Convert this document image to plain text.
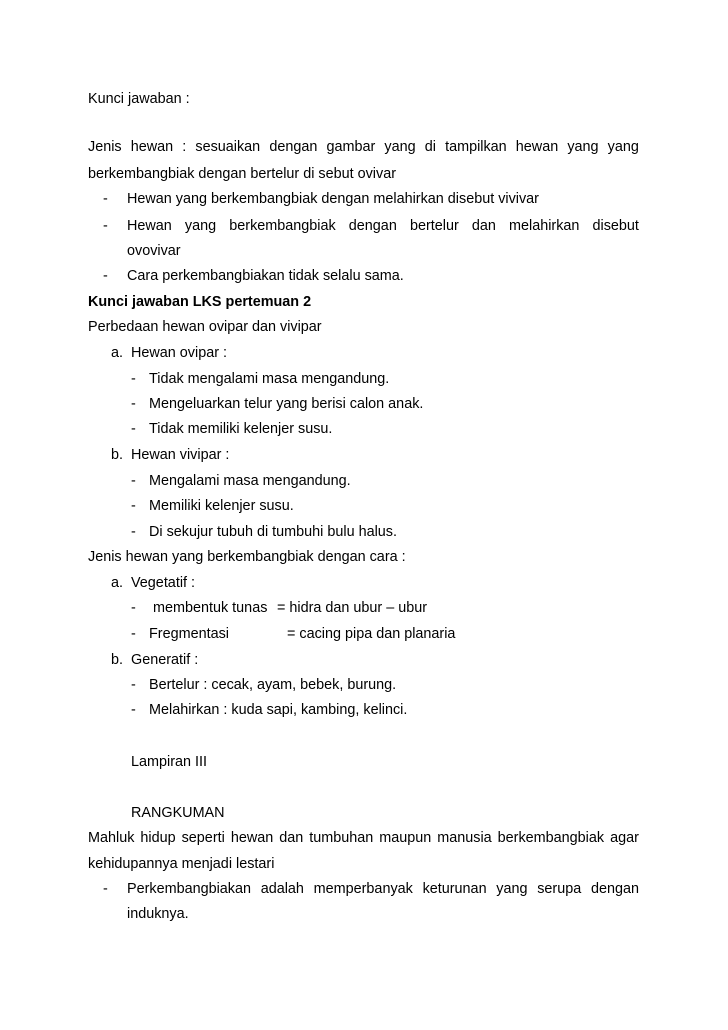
Kunci jawaban :
Jenis hewan : sesuaikan dengan gambar yang di tampilkan hewan yang yang
berkembangbiak dengan bertelur di sebut ovivar
- Hewan yang berkembangbiak dengan melahirkan disebut vivivar
- Hewan yang berkembangbiak dengan bertelur dan melahirkan disebut
ovovivar
- Cara perkembangbiakan tidak selalu sama.
Kunci jawaban LKS pertemuan 2
Perbedaan hewan ovipar dan vivipar
a. Hewan ovipar :
- Tidak mengalami masa mengandung.
- Mengeluarkan telur yang berisi calon anak.
- Tidak memiliki kelenjer susu.
b. Hewan vivipar :
- Mengalami masa mengandung.
- Memiliki kelenjer susu.
- Di sekujur tubuh di tumbuhi bulu halus.
Jenis hewan yang berkembangbiak dengan cara :
a. Vegetatif :
- membentuk tunas = hidra dan ubur – ubur
- Fregmentasi	= cacing pipa dan planaria
b. Generatif :
- Bertelur : cecak, ayam, bebek, burung.
- Melahirkan : kuda sapi, kambing, kelinci.
Lampiran III
RANGKUMAN
Mahluk hidup seperti hewan dan tumbuhan maupun manusia berkembangbiak agar
kehidupannya menjadi lestari
- Perkembangbiakan adalah memperbanyak keturunan yang serupa dengan
induknya.
